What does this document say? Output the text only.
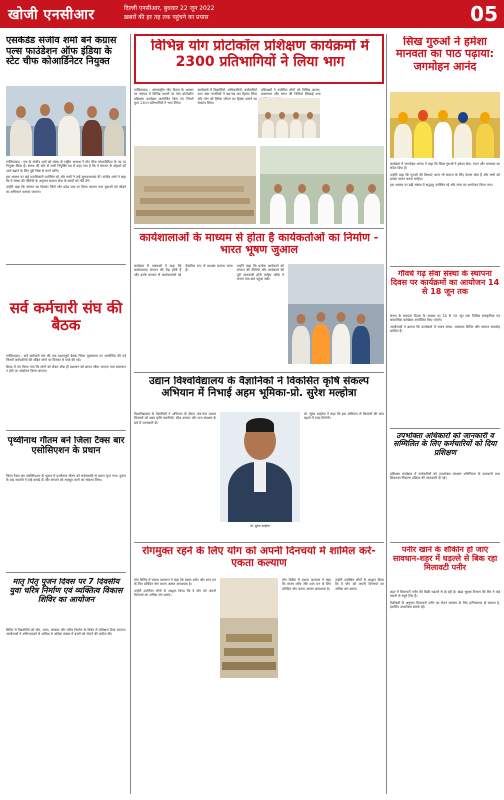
खोजी एनसीआर	दिल्ली एनसीआर, बुधवार 22 जून 2022
ख़बरों की हर तह तक पहुंचने का प्रयास	05
एसकेडेड संजीव शर्मा बने कंग्रास पल्स फाउंडेशन ऑफ इंडिया के स्टेट चीफ कोआर्डिनेटर नियुक्त

गाज़ियाबाद : एस के संजीव शर्मा को संस्था के राष्ट्रीय अध्यक्ष ने स्टेट चीफ कोआर्डिनेटर के पद पर नियुक्त किया है। संस्था की ओर से जारी नियुक्ति पत्र में कहा गया है कि वे संगठन के उद्देश्यों को आगे बढ़ाने के लिए पूरी निष्ठा से कार्य करेंगे।

इस अवसर पर कई पदाधिकारी उपस्थित रहे और सभी ने उन्हें शुभकामनाएं दीं। संजीव शर्मा ने कहा कि वे संस्था की नीतियों के अनुसार समाज सेवा के कार्यों को गति देंगे।

उन्होंने कहा कि संगठन का विस्तार जिले और प्रदेश स्तर पर किया जाएगा तथा युवाओं को जोड़ने का अभियान चलाया जाएगा।

सर्व कर्मचारी संघ की बैठक

गाज़ियाबाद : सर्व कर्मचारी संघ की एक महत्वपूर्ण बैठक जिला मुख्यालय पर आयोजित की गई जिसमें कर्मचारियों की लंबित मांगों पर विस्तार से चर्चा की गई।

बैठक में तय किया गया कि मांगों को लेकर शीघ्र ही प्रशासन को ज्ञापन सौंपा जाएगा तथा समाधान न होने पर आंदोलन किया जाएगा।

पृथ्वीनाथ गौतम बने जिला टैक्स बार एसोसिएशन के प्रधान

जिला टैक्स बार एसोसिएशन के चुनाव में पृथ्वीनाथ गौतम को सर्वसम्मति से प्रधान चुना गया। चुनाव के बाद सदस्यों ने उन्हें बधाई दी और संगठन को मज़बूत करने का संकल्प लिया।

मातृ पितृ पूजन दिवस पर 7 दिवसीय युवा चरित्र निर्माण एवं व्यक्तित्व विकास शिविर का आयोजन

शिविर में विद्यार्थियों को योग, ध्यान, संस्कार और चरित्र निर्माण के विषय में प्रशिक्षण दिया जाएगा। आयोजकों ने अभिभावकों से अधिक से अधिक संख्या में बच्चों को भेजने की अपील की।

विभिन्न योग प्रोटोकॉल प्रशिक्षण कार्यक्रमों में 2300 प्रतिभागियों ने लिया भाग

गाज़ियाबाद : अंतरराष्ट्रीय योग दिवस के अवसर पर जनपद में विभिन्न स्थानों पर योग प्रोटोकॉल प्रशिक्षण कार्यक्रम आयोजित किए गए जिनमें कुल 2300 प्रतिभागियों ने भाग लिया।

कार्यक्रमों में विद्यार्थियों, अधिकारियों, कर्मचारियों तथा आम नागरिकों ने बढ़-चढ़ कर हिस्सा लिया और योग को दैनिक जीवन का हिस्सा बनाने का संकल्प लिया।

प्रशिक्षकों ने उपस्थित लोगों को विभिन्न आसन, प्राणायाम और ध्यान की विधियां सिखाईं तथा

कार्यशालाओं के माध्यम से होता है कार्यकर्ताओं का निर्माण - भारत भूषण जुआल

कार्यक्रम में वक्ताओं ने कहा कि कार्यशालाएं संगठन की रीढ़ होती हैं और इनके माध्यम से कार्यकर्ताओं को वैचारिक रूप से सशक्त बनाया जाता है।

उन्होंने कहा कि प्रत्येक कार्यकर्ता को संगठन की नीतियों और कार्यक्रमों की पूरी जानकारी होनी चाहिए ताकि वे जनता तक बात पहुंचा सकें।

उद्यान विश्वविद्यालय के वैज्ञानिकों ने विकसित कृषि संकल्प अभियान में निभाई अहम भूमिका-प्रो. सुरेश मल्होत्रा

विश्वविद्यालय के वैज्ञानिकों ने अभियान के दौरान गांव-गांव जाकर किसानों को उन्नत कृषि तकनीकों, बीज उपचार और जल संरक्षण के बारे में जानकारी दी।

प्रो. सुरेश मल्होत्रा

प्रो. सुरेश मल्होत्रा ने कहा कि इस अभियान से किसानों की आय बढ़ाने में मदद मिलेगी।

रोगमुक्त रहने के लिए योग को अपनी दिनचर्या में शामिल करें-एकता कल्याण

योग शिविर में एकता कल्याण ने कहा कि स्वस्थ शरीर और शांत मन के लिए प्रतिदिन योग करना अत्यंत आवश्यक है।

उन्होंने उपस्थित लोगों से आह्वान किया कि वे योग को अपनी दिनचर्या का अभिन्न अंग बनाएं।

योग शिविर में एकता कल्याण ने कहा कि स्वस्थ शरीर और शांत मन के लिए प्रतिदिन योग करना अत्यंत आवश्यक है।

उन्होंने उपस्थित लोगों से आह्वान किया कि वे योग को अपनी दिनचर्या का अभिन्न अंग बनाएं।

सिख गुरुओं ने हमेशा मानवता का पाठ पढ़ाया: जगमोहन आनंद

कार्यक्रम में जगमोहन आनंद ने कहा कि सिख गुरुओं ने हमेशा सेवा, त्याग और मानवता का संदेश दिया है।

उन्होंने कहा कि गुरुओं की शिक्षाएं आज भी समाज के लिए प्रेरणा स्रोत हैं और सभी को इनका पालन करना चाहिए।

इस अवसर पर बड़ी संख्या में श्रद्धालु उपस्थित रहे और लंगर का आयोजन किया गया।

गौवर्ध गढ़ सेवा संस्था के स्थापना दिवस पर कार्यक्रमों का आयोजन 14 से 18 जून तक

संस्था के स्थापना दिवस के अवसर पर 14 से 18 जून तक विभिन्न सांस्कृतिक एवं सामाजिक कार्यक्रम आयोजित किए जाएंगे।

आयोजकों ने बताया कि कार्यक्रमों में भजन संध्या, रक्तदान शिविर और सम्मान समारोह शामिल हैं।

उपभोक्ता अधिकारों को जानकारी व सम्मिलित के लिए कर्मचारियों को दिया प्रशिक्षण

प्रशिक्षण कार्यक्रम में कर्मचारियों को उपभोक्ता संरक्षण अधिनियम के प्रावधानों तथा शिकायत निवारण प्रक्रिया की जानकारी दी गई।

पनीर खाने के शौकीन हो जाएं सावधान-शहर में धड़ल्ले से बिक रहा मिलावटी पनीर

शहर में मिलावटी पनीर की बिक्री धड़ल्ले से हो रही है। खाद्य सुरक्षा विभाग की टीम ने कई स्थानों से नमूने लिए हैं।

विशेषज्ञों के अनुसार मिलावटी पनीर का सेवन स्वास्थ्य के लिए हानिकारक हो सकता है, इसलिए उपभोक्ता सतर्क रहें।
